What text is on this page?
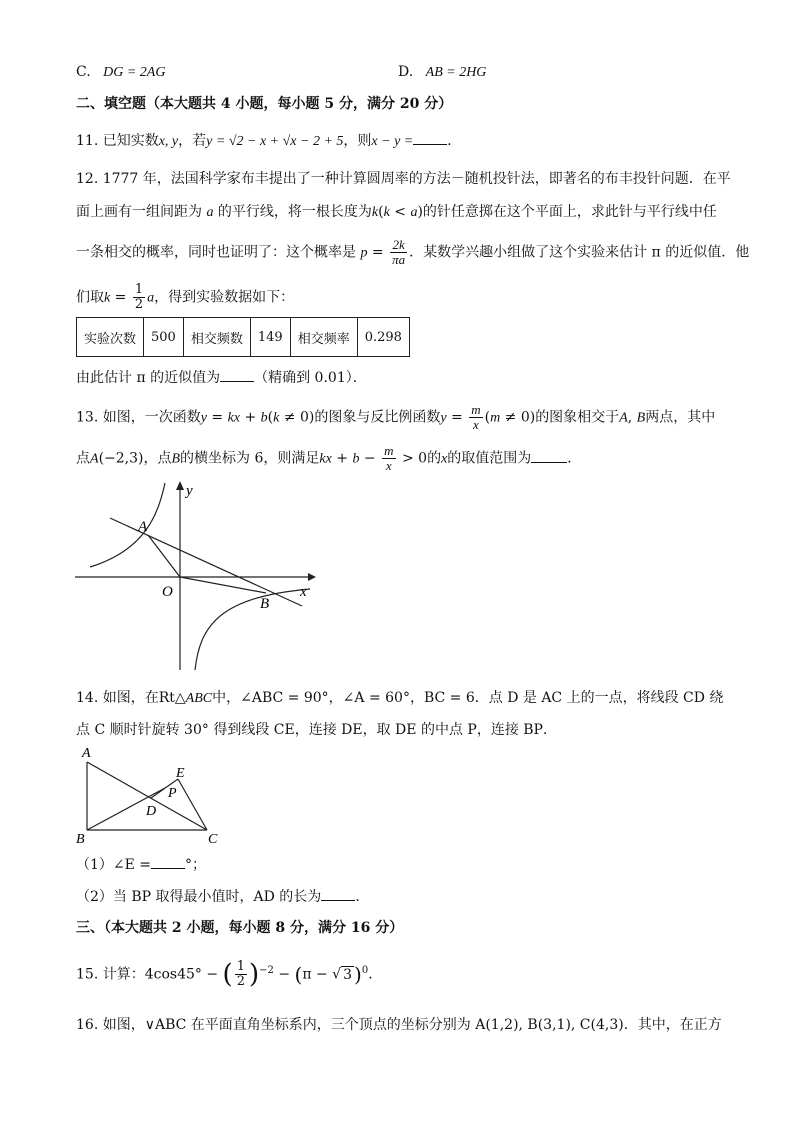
C. DG = 2AG	D. AB = 2HG
二、填空题（本大题共 4 小题，每小题 5 分，满分 20 分）
11. 已知实数x, y，若y = √2 − x + √x − 2 + 5，则x − y = ．
12. 1777 年，法国科学家布丰提出了一种计算圆周率的方法－随机投针法，即著名的布丰投针问题．在平
面上画有一组间距为 a 的平行线，将一根长度为k(k < a)的针任意掷在这个平面上，求此针与平行线中任
一条相交的概率，同时也证明了：这个概率是 $p = \frac{2k}{\pi a}$ ．某数学兴趣小组做了这个实验来估计 π 的近似值．他
们取$k = \frac{1}{2}$ a，得到实验数据如下：
实验次数	500	相交频数	149	相交频率	0.298
由此估计 π 的近似值为 （精确到 0.01）．
13. 如图，一次函数y = kx + b(k ≠ 0)的图象与反比例函数$y = \frac{m}{x} (m \ne 0)$的图象相交于A, B两点，其中
点A(−2,3)，点B的横坐标为 6，则满足kx + $b - \frac{m}{x} > 0$的x的取值范围为	．
y
A
O	x
B
14. 如图，在Rt△ABC中，∠ABC = 90°，∠A = 60°，BC = 6．点 D 是 AC 上的一点，将线段 CD 绕
点 C 顺时针旋转 30° 得到线段 CE，连接 DE，取 DE 的中点 P，连接 BP．
A
E
P
D
B	C
（1）∠E = °；
（2）当 BP 取得最小值时，AD 的长为 ．
三、（本大题共 2 小题，每小题 8 分，满分 16 分）
15. 计算：4cos45° − ( $\frac{1}{2} )^{-2} - (\pi$ − √ 3 )$^0$．
16. 如图，∨ABC 在平面直角坐标系内，三个顶点的坐标分别为 A(1,2), B(3,1), C(4,3)．其中，在正方
